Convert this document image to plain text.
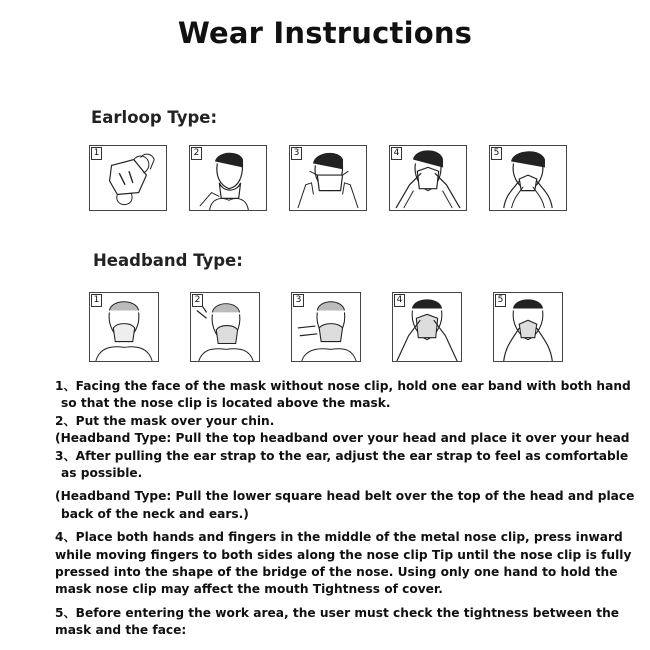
Wear Instructions
Earloop Type:
1	2	3	4	5
Headband Type:
1	2	3	4	5
1、Facing the face of the mask without nose clip, hold one ear band with both hand
so that the nose clip is located above the mask.
2、Put the mask over your chin.
(Headband Type: Pull the top headband over your head and place it over your head
3、After pulling the ear strap to the ear, adjust the ear strap to feel as comfortable
as possible.
(Headband Type: Pull the lower square head belt over the top of the head and place
back of the neck and ears.)
4、Place both hands and fingers in the middle of the metal nose clip, press inward
while moving fingers to both sides along the nose clip Tip until the nose clip is fully
pressed into the shape of the bridge of the nose. Using only one hand to hold the
mask nose clip may affect the mouth Tightness of cover.
5、Before entering the work area, the user must check the tightness between the
mask and the face:
